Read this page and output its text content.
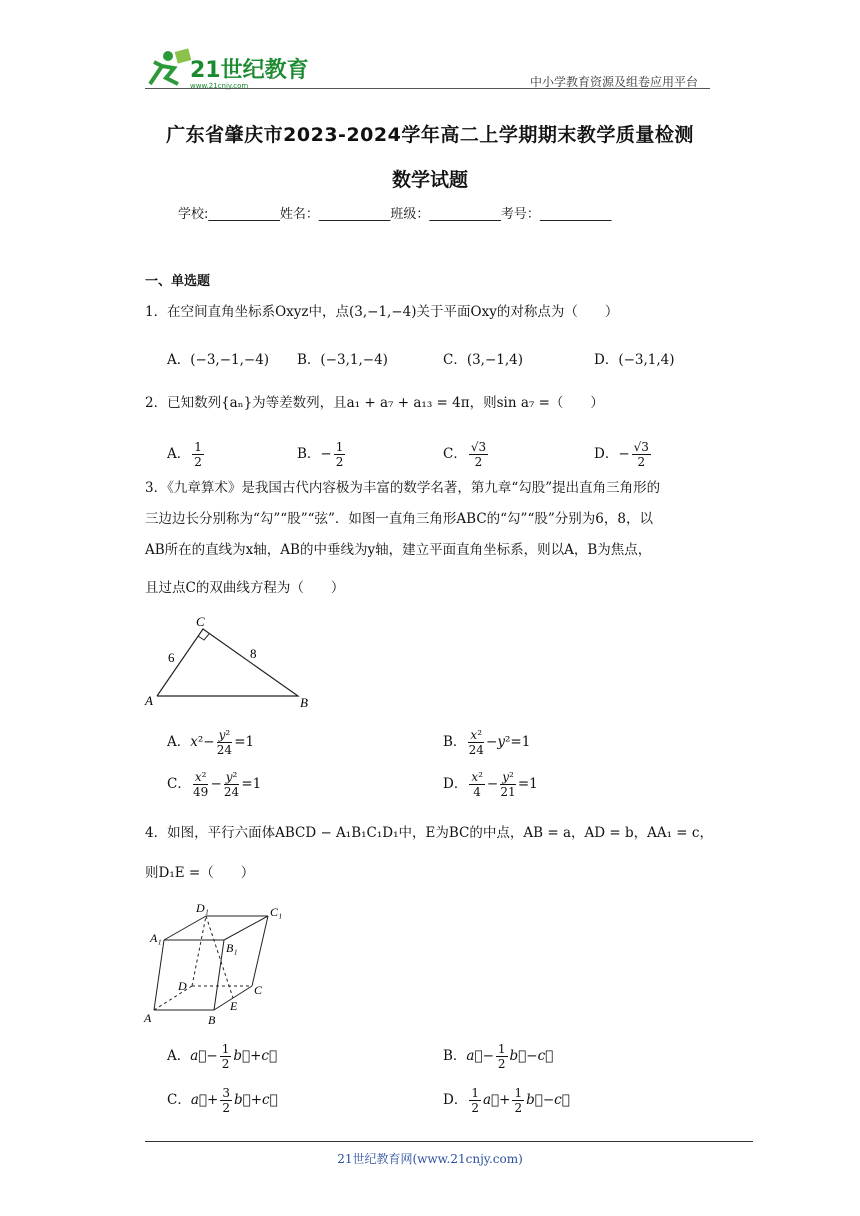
21世纪教育
www.21cnjy.com	中小学教育资源及组卷应用平台
广东省肇庆市2023-2024学年高二上学期期末教学质量检测
数学试题
学校:___________姓名：___________班级：___________考号：___________
一、单选题
1．在空间直角坐标系Oxyz中，点(3,−1,−4)关于平面Oxy的对称点为（　　）
A．(−3,−1,−4) B．(−3,1,−4)	C．(3,−1,4)	D．(−3,1,4)
2．已知数列{aₙ}为等差数列，且a₁ + a₇ + a₁₃ = 4π，则sin a₇ =（　　）
A． $\frac{1}{2}$	B．− $\frac{1}{2}$	C． $\frac{√3}{2}$	D．− $\frac{√3}{2}$
3．《九章算术》是我国古代内容极为丰富的数学名著，第九章“勾股”提出直角三角形的
三边边长分别称为“勾”“股”“弦”．如图一直角三角形ABC的“勾”“股”分别为6，8，以
AB所在的直线为x轴，AB的中垂线为y轴，建立平面直角坐标系，则以A，B为焦点，
且过点C的双曲线方程为（　　）
A	B
C
6	8
A．$x^2- \frac{\text{y²}}{24} =1$	B． $\frac{\text{x²}}{24} -y^2=1$
C． $\frac{\text{x²}}{49} - \frac{\text{y²}}{24} =1$	D． $\frac{\text{x²}}{4} - \frac{\text{y²}}{21} =1$
4．如图，平行六面体ABCD − A₁B₁C₁D₁中，E为BC的中点，AB = a，AD = b，AA₁ = c，
则D₁E =（　　）
A	B
C
D
A₁
B₁
C₁
D₁
E
A．a⃗− $\frac{1}{2}$ b⃗+c⃗	B．a⃗− $\frac{1}{2}$ b⃗−c⃗
C．a⃗+ $\frac{3}{2}$ b⃗+c⃗	D． $\frac{1}{2}$ a⃗+ $\frac{1}{2}$ b⃗−c⃗
21世纪教育网(www.21cnjy.com)
